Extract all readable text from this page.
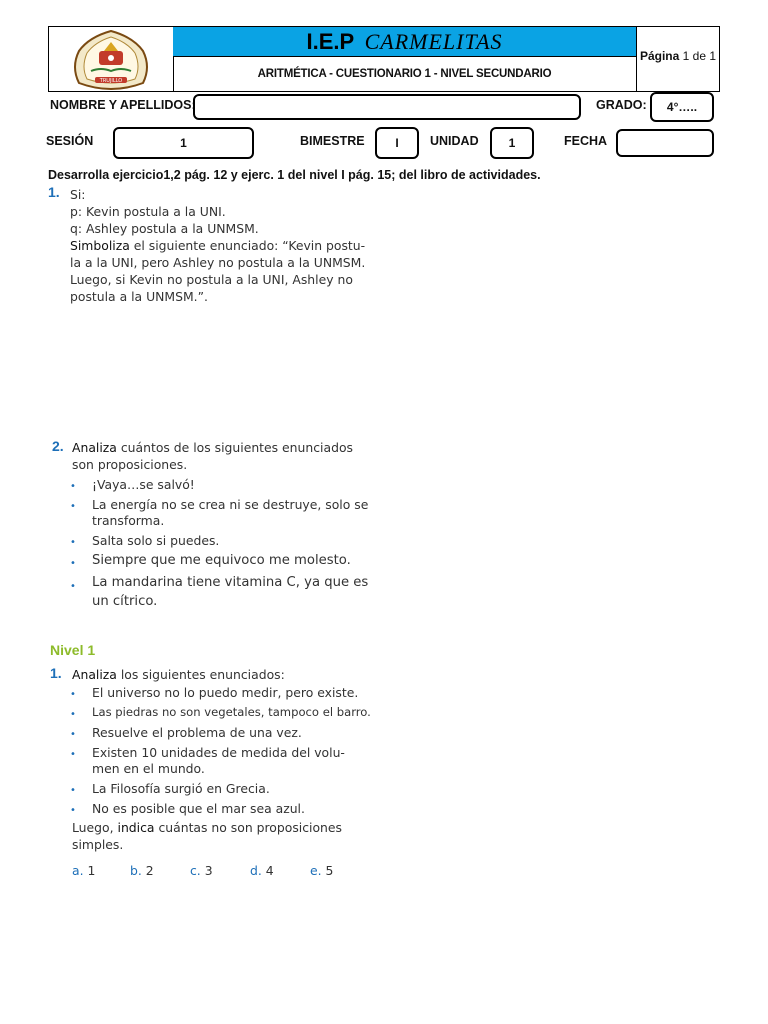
TRUJILLO
I.E.P CARMELITAS
ARITMÉTICA - CUESTIONARIO 1 - NIVEL SECUNDARIO
Página 1 de 1
NOMBRE Y APELLIDOS:	GRADO:	4°…..
SESIÓN	1	BIMESTRE	I	UNIDAD	1	FECHA
Desarrolla ejercicio1,2 pág. 12 y ejerc. 1 del nivel I pág. 15; del libro de actividades.
1. Si:
p: Kevin postula a la UNI.
q: Ashley postula a la UNMSM.
Simboliza el siguiente enunciado: “Kevin postu-
la a la UNI, pero Ashley no postula a la UNMSM.
Luego, si Kevin no postula a la UNI, Ashley no
postula a la UNMSM.”.
2. Analiza cuántos de los siguientes enunciados
son proposiciones.
• ¡Vaya…se salvó!
• La energía no se crea ni se destruye, solo se
transforma.
• Salta solo si puedes.
• Siempre que me equivoco me molesto.
• La mandarina tiene vitamina C, ya que es
un cítrico.
Nivel 1
1. Analiza los siguientes enunciados:
• El universo no lo puedo medir, pero existe.
• Las piedras no son vegetales, tampoco el barro.
• Resuelve el problema de una vez.
• Existen 10 unidades de medida del volu-
men en el mundo.
• La Filosofía surgió en Grecia.
• No es posible que el mar sea azul.
Luego, indica cuántas no son proposiciones
simples.
a. 1	b. 2	c. 3	d. 4	e. 5
